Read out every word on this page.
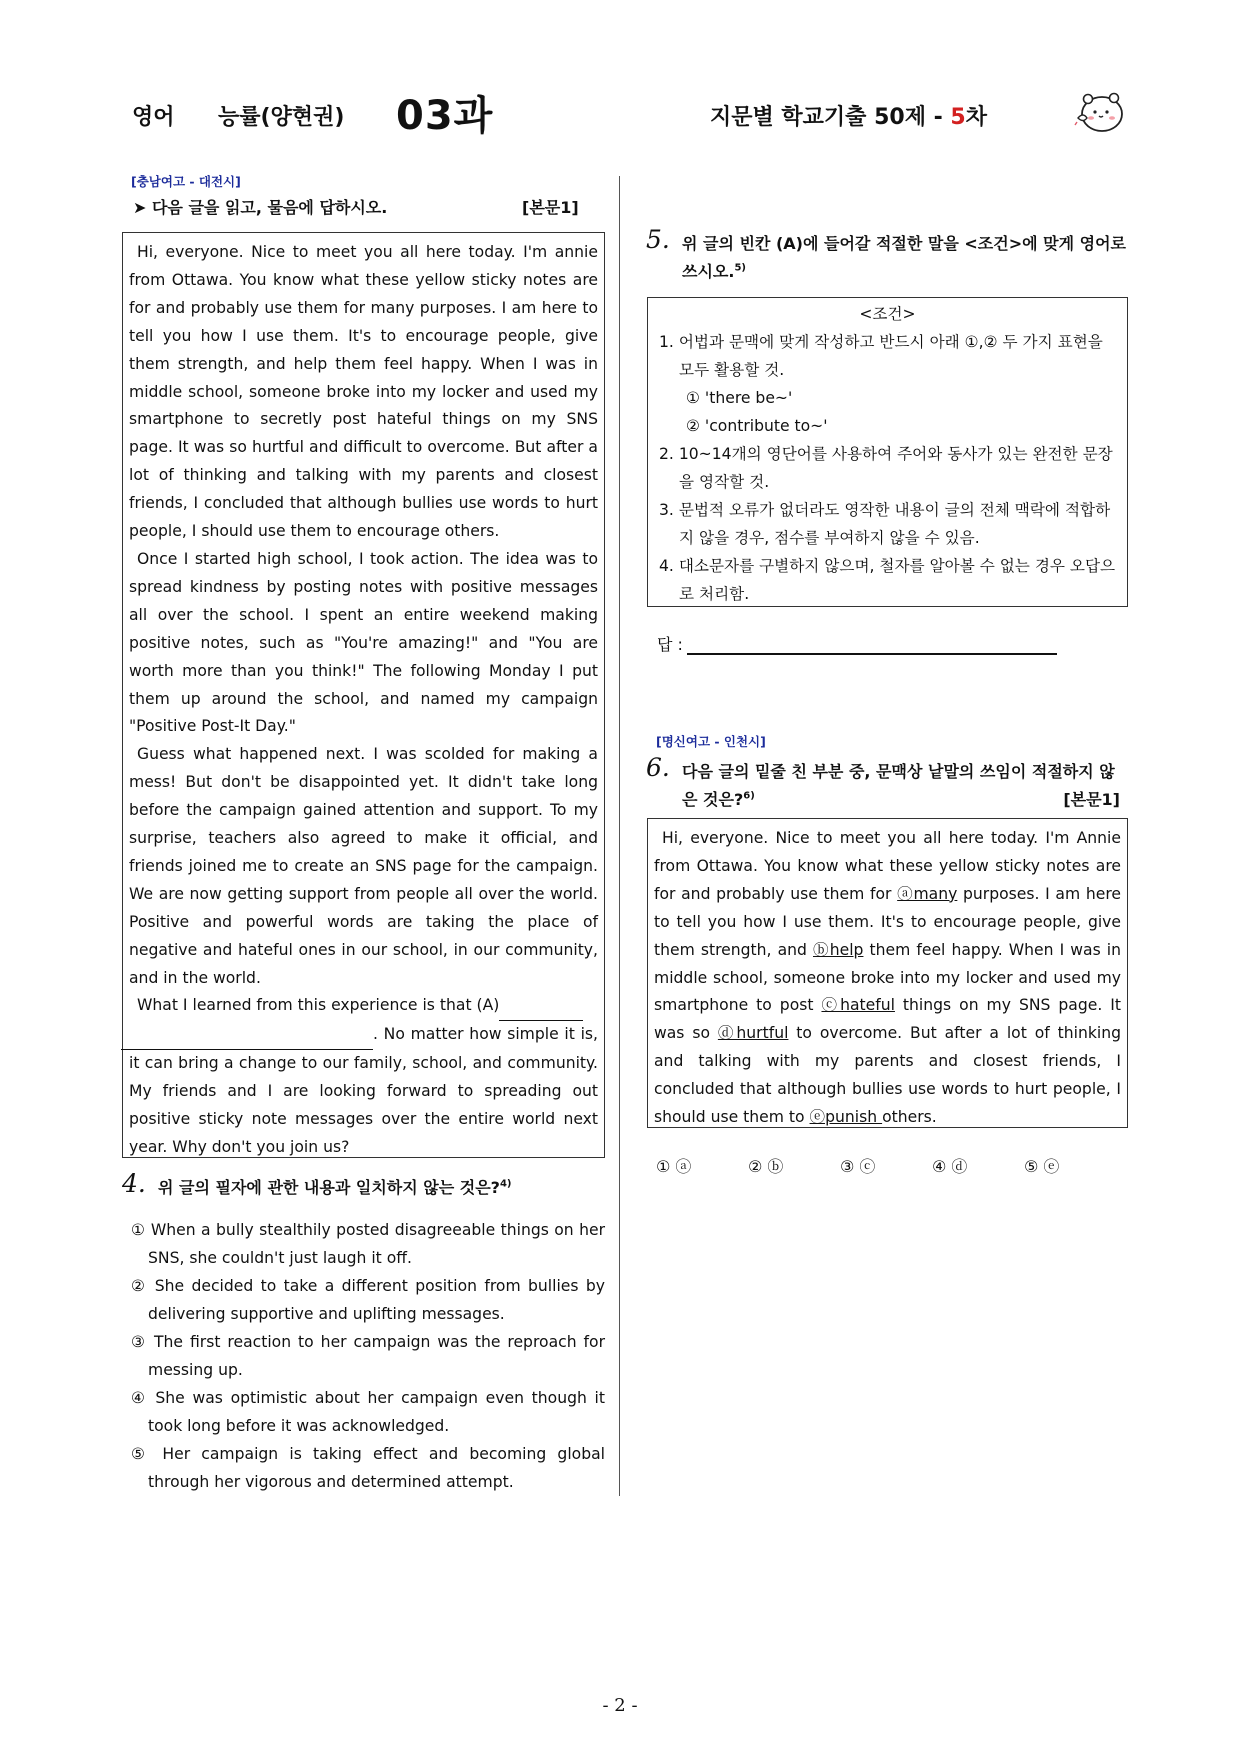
영어 능률(양현권) 03과	지문별 학교기출 50제 - 5차
[충남여고 - 대전시]
➤ 다음 글을 읽고, 물음에 답하시오.	[본문1]

Hi, everyone. Nice to meet you all here today. I'm annie from Ottawa. You know what these yellow sticky notes are for and probably use them for many purposes. I am here to tell you how I use them. It's to encourage people, give them strength, and help them feel happy. When I was in middle school, someone broke into my locker and used my smartphone to secretly post hateful things on my SNS page. It was so hurtful and difficult to overcome. But after a lot of thinking and talking with my parents and closest friends, I concluded that although bullies use words to hurt people, I should use them to encourage others.

Once I started high school, I took action. The idea was to spread kindness by posting notes with positive messages all over the school. I spent an entire weekend making positive notes, such as "You're amazing!" and "You are worth more than you think!" The following Monday I put them up around the school, and named my campaign "Positive Post-It Day."

Guess what happened next. I was scolded for making a mess! But don't be disappointed yet. It didn't take long before the campaign gained attention and support. To my surprise, teachers also agreed to make it official, and friends joined me to create an SNS page for the campaign. We are now getting support from people all over the world. Positive and powerful words are taking the place of negative and hateful ones in our school, in our community, and in the world.

What I learned from this experience is that (A)
. No matter how simple it is, it can bring a change to our family, school, and community. My friends and I are looking forward to spreading out positive sticky note messages over the entire world next year. Why don't you join us?

4. 위 글의 필자에 관한 내용과 일치하지 않는 것은?$^{4)}$

① When a bully stealthily posted disagreeable things on her SNS, she couldn't just laugh it off.

② She decided to take a different position from bullies by delivering supportive and uplifting messages.

③ The first reaction to her campaign was the reproach for messing up.

④ She was optimistic about her campaign even though it took long before it was acknowledged.

⑤ Her campaign is taking effect and becoming global through her vigorous and determined attempt.

5. 위 글의 빈칸 (A)에 들어갈 적절한 말을 <조건>에 맞게 영어로 쓰시오.$^{5)}$
<조건>

1. 어법과 문맥에 맞게 작성하고 반드시 아래 ①,② 두 가지 표현을 모두 활용할 것.

① 'there be~'

② 'contribute to~'

2. 10~14개의 영단어를 사용하여 주어와 동사가 있는 완전한 문장을 영작할 것.

3. 문법적 오류가 없더라도 영작한 내용이 글의 전체 맥락에 적합하지 않을 경우, 점수를 부여하지 않을 수 있음.

4. 대소문자를 구별하지 않으며, 철자를 알아볼 수 없는 경우 오답으로 처리함.

답 :
[명신여고 - 인천시]
6. 다음 글의 밑줄 친 부분 중, 문맥상 낱말의 쓰임이 적절하지 않은 것은?$^{6)}$	[본문1]

Hi, everyone. Nice to meet you all here today. I'm Annie from Ottawa. You know what these yellow sticky notes are for and probably use them for ⓐmany purposes. I am here to tell you how I use them. It's to encourage people, give them strength, and ⓑhelp them feel happy. When I was in middle school, someone broke into my locker and used my smartphone to post ⓒhateful things on my SNS page. It was so ⓓhurtful to overcome. But after a lot of thinking and talking with my parents and closest friends, I concluded that although bullies use words to hurt people, I should use them to ⓔpunish others.

① ⓐ	② ⓑ	③ ⓒ	④ ⓓ	⑤ ⓔ
- 2 -
